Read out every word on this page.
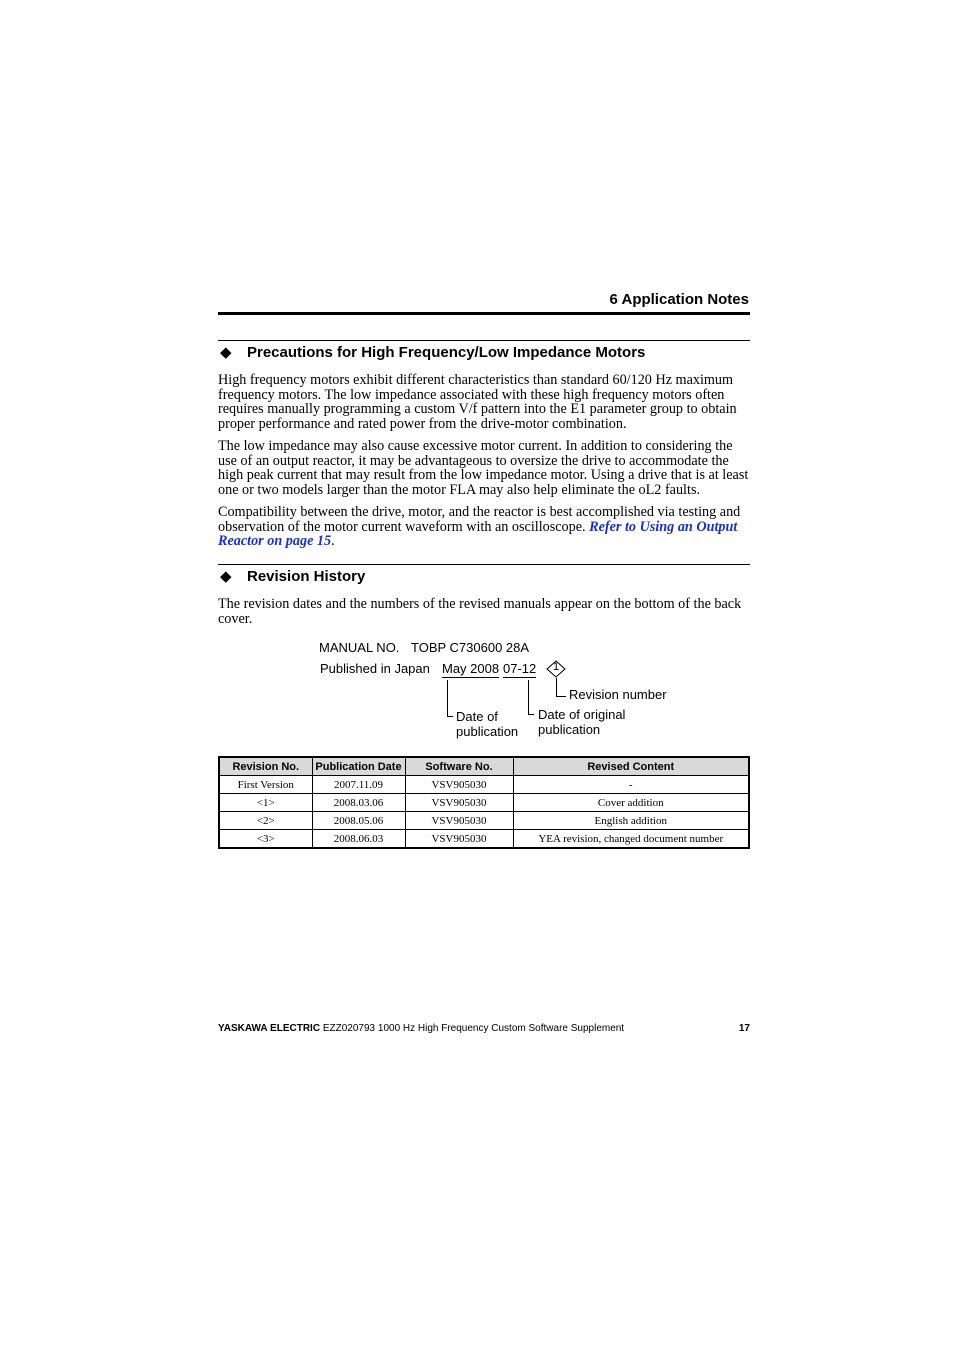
6 Application Notes
◆ Precautions for High Frequency/Low Impedance Motors

High frequency motors exhibit different characteristics than standard 60/120 Hz maximum frequency motors. The low impedance associated with these high frequency motors often requires manually programming a custom V/f pattern into the E1 parameter group to obtain proper performance and rated power from the drive-motor combination.

The low impedance may also cause excessive motor current. In addition to considering the use of an output reactor, it may be advantageous to oversize the drive to accommodate the high peak current that may result from the low impedance motor. Using a drive that is at least one or two models larger than the motor FLA may also help eliminate the oL2 faults.

Compatibility between the drive, motor, and the reactor is best accomplished via testing and observation of the motor current waveform with an oscilloscope. Refer to Using an Output Reactor on page 15.

◆ Revision History

The revision dates and the numbers of the revised manuals appear on the bottom of the back cover.

MANUAL NO. TOBP C730600 28A
Published in Japan May 2008 07-12	1
Revision number
Date of
publication
Date of original
publication
Revision No.	Publication Date	Software No.	Revised Content
First Version	2007.11.09	VSV905030	-
<1>	2008.03.06	VSV905030	Cover addition
<2>	2008.05.06	VSV905030	English addition
<3>	2008.06.03	VSV905030	YEA revision, changed document number
YASKAWA ELECTRIC EZZ020793 1000 Hz High Frequency Custom Software Supplement	17
